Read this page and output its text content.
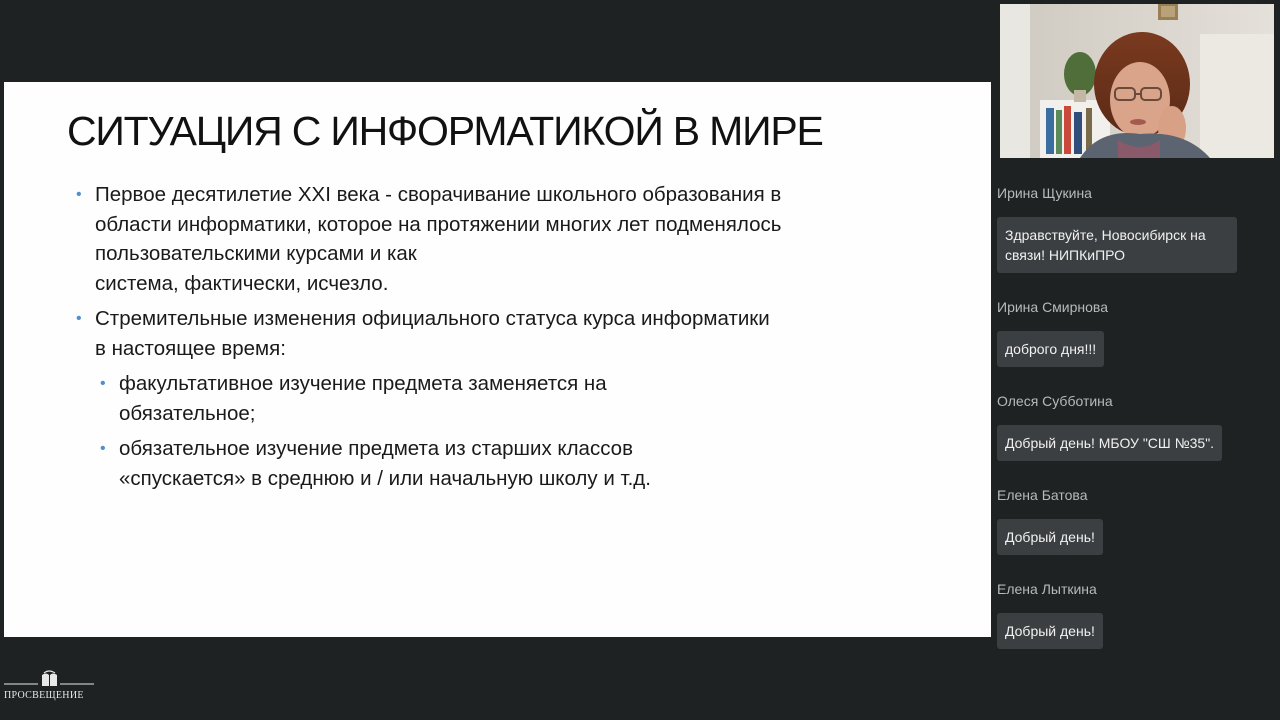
СИТУАЦИЯ С ИНФОРМАТИКОЙ В МИРЕ
• Первое десятилетие XXI века - сворачивание школьного образования в
области информатики, которое на протяжении многих лет подменялось
пользовательскими курсами и как
система, фактически, исчезло.
• Стремительные изменения официального статуса курса информатики
в настоящее время:
• факультативное изучение предмета заменяется на
обязательное;
• обязательное изучение предмета из старших классов
«спускается» в среднюю и / или начальную школу и т.д.
Ирина Щукина
Здравствуйте, Новосибирск на
связи! НИПКиПРО
Ирина Смирнова
доброго дня!!!
Олеся Субботина
Добрый день! МБОУ "СШ №35".
Елена Батова
Добрый день!
Елена Лыткина
Добрый день!
ПРОСВЕЩЕНИЕ
